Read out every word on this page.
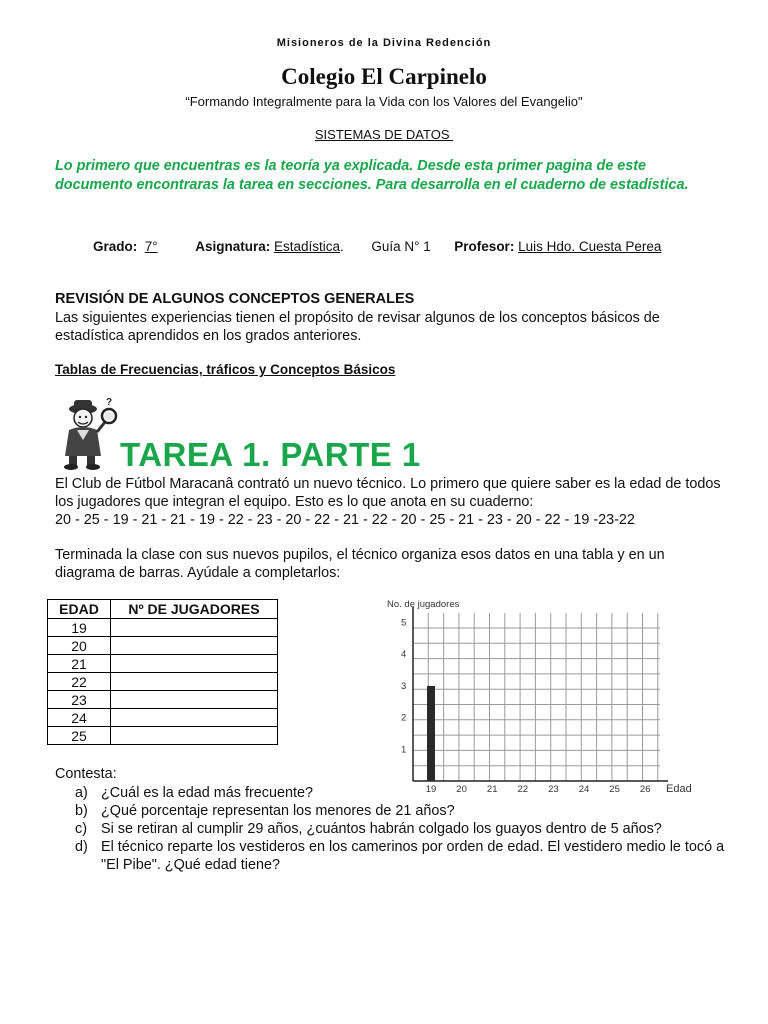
Misioneros de la Divina Redención
Colegio El Carpinelo
“Formando Integralmente para la Vida con los Valores del Evangelio"
SISTEMAS DE DATOS
Lo primero que encuentras es la teoría ya explicada. Desde esta primer pagina de este documento encontraras la tarea en secciones. Para desarrolla en el cuaderno de estadística.
Grado: 7°	Asignatura: Estadística.  Guía N° 1 Profesor: Luis Hdo. Cuesta Perea
REVISIÓN DE ALGUNOS CONCEPTOS GENERALES
Las siguientes experiencias tienen el propósito de revisar algunos de los conceptos básicos de estadística aprendidos en los grados anteriores.
Tablas de Frecuencias, tráficos y Conceptos Básicos
?
TAREA 1. PARTE 1
El Club de Fútbol Maracanâ contrató un nuevo técnico. Lo primero que quiere saber es la edad de todos los jugadores que integran el equipo. Esto es lo que anota en su cuaderno:
20 - 25 - 19 - 21 - 21 - 19 - 22 - 23 - 20 - 22 - 21 - 22 - 20 - 25 - 21 - 23 - 20 - 22 - 19 -23-22
Terminada la clase con sus nuevos pupilos, el técnico organiza esos datos en una tabla y en un diagrama de barras. Ayúdale a completarlos:
EDAD	Nº DE JUGADORES
19	
20	
21	
22	
23	
24	
25	
1
2
3
4
5
19 20 21 22 23 24 25 26
No. de jugadores
Edad
Contesta:
a) ¿Cuál es la edad más frecuente?
b) ¿Qué porcentaje representan los menores de 21 años?
c) Si se retiran al cumplir 29 años, ¿cuántos habrán colgado los guayos dentro de 5 años?
d) El técnico reparte los vestideros en los camerinos por orden de edad. El vestidero medio le tocó a "El Pibe". ¿Qué edad tiene?
